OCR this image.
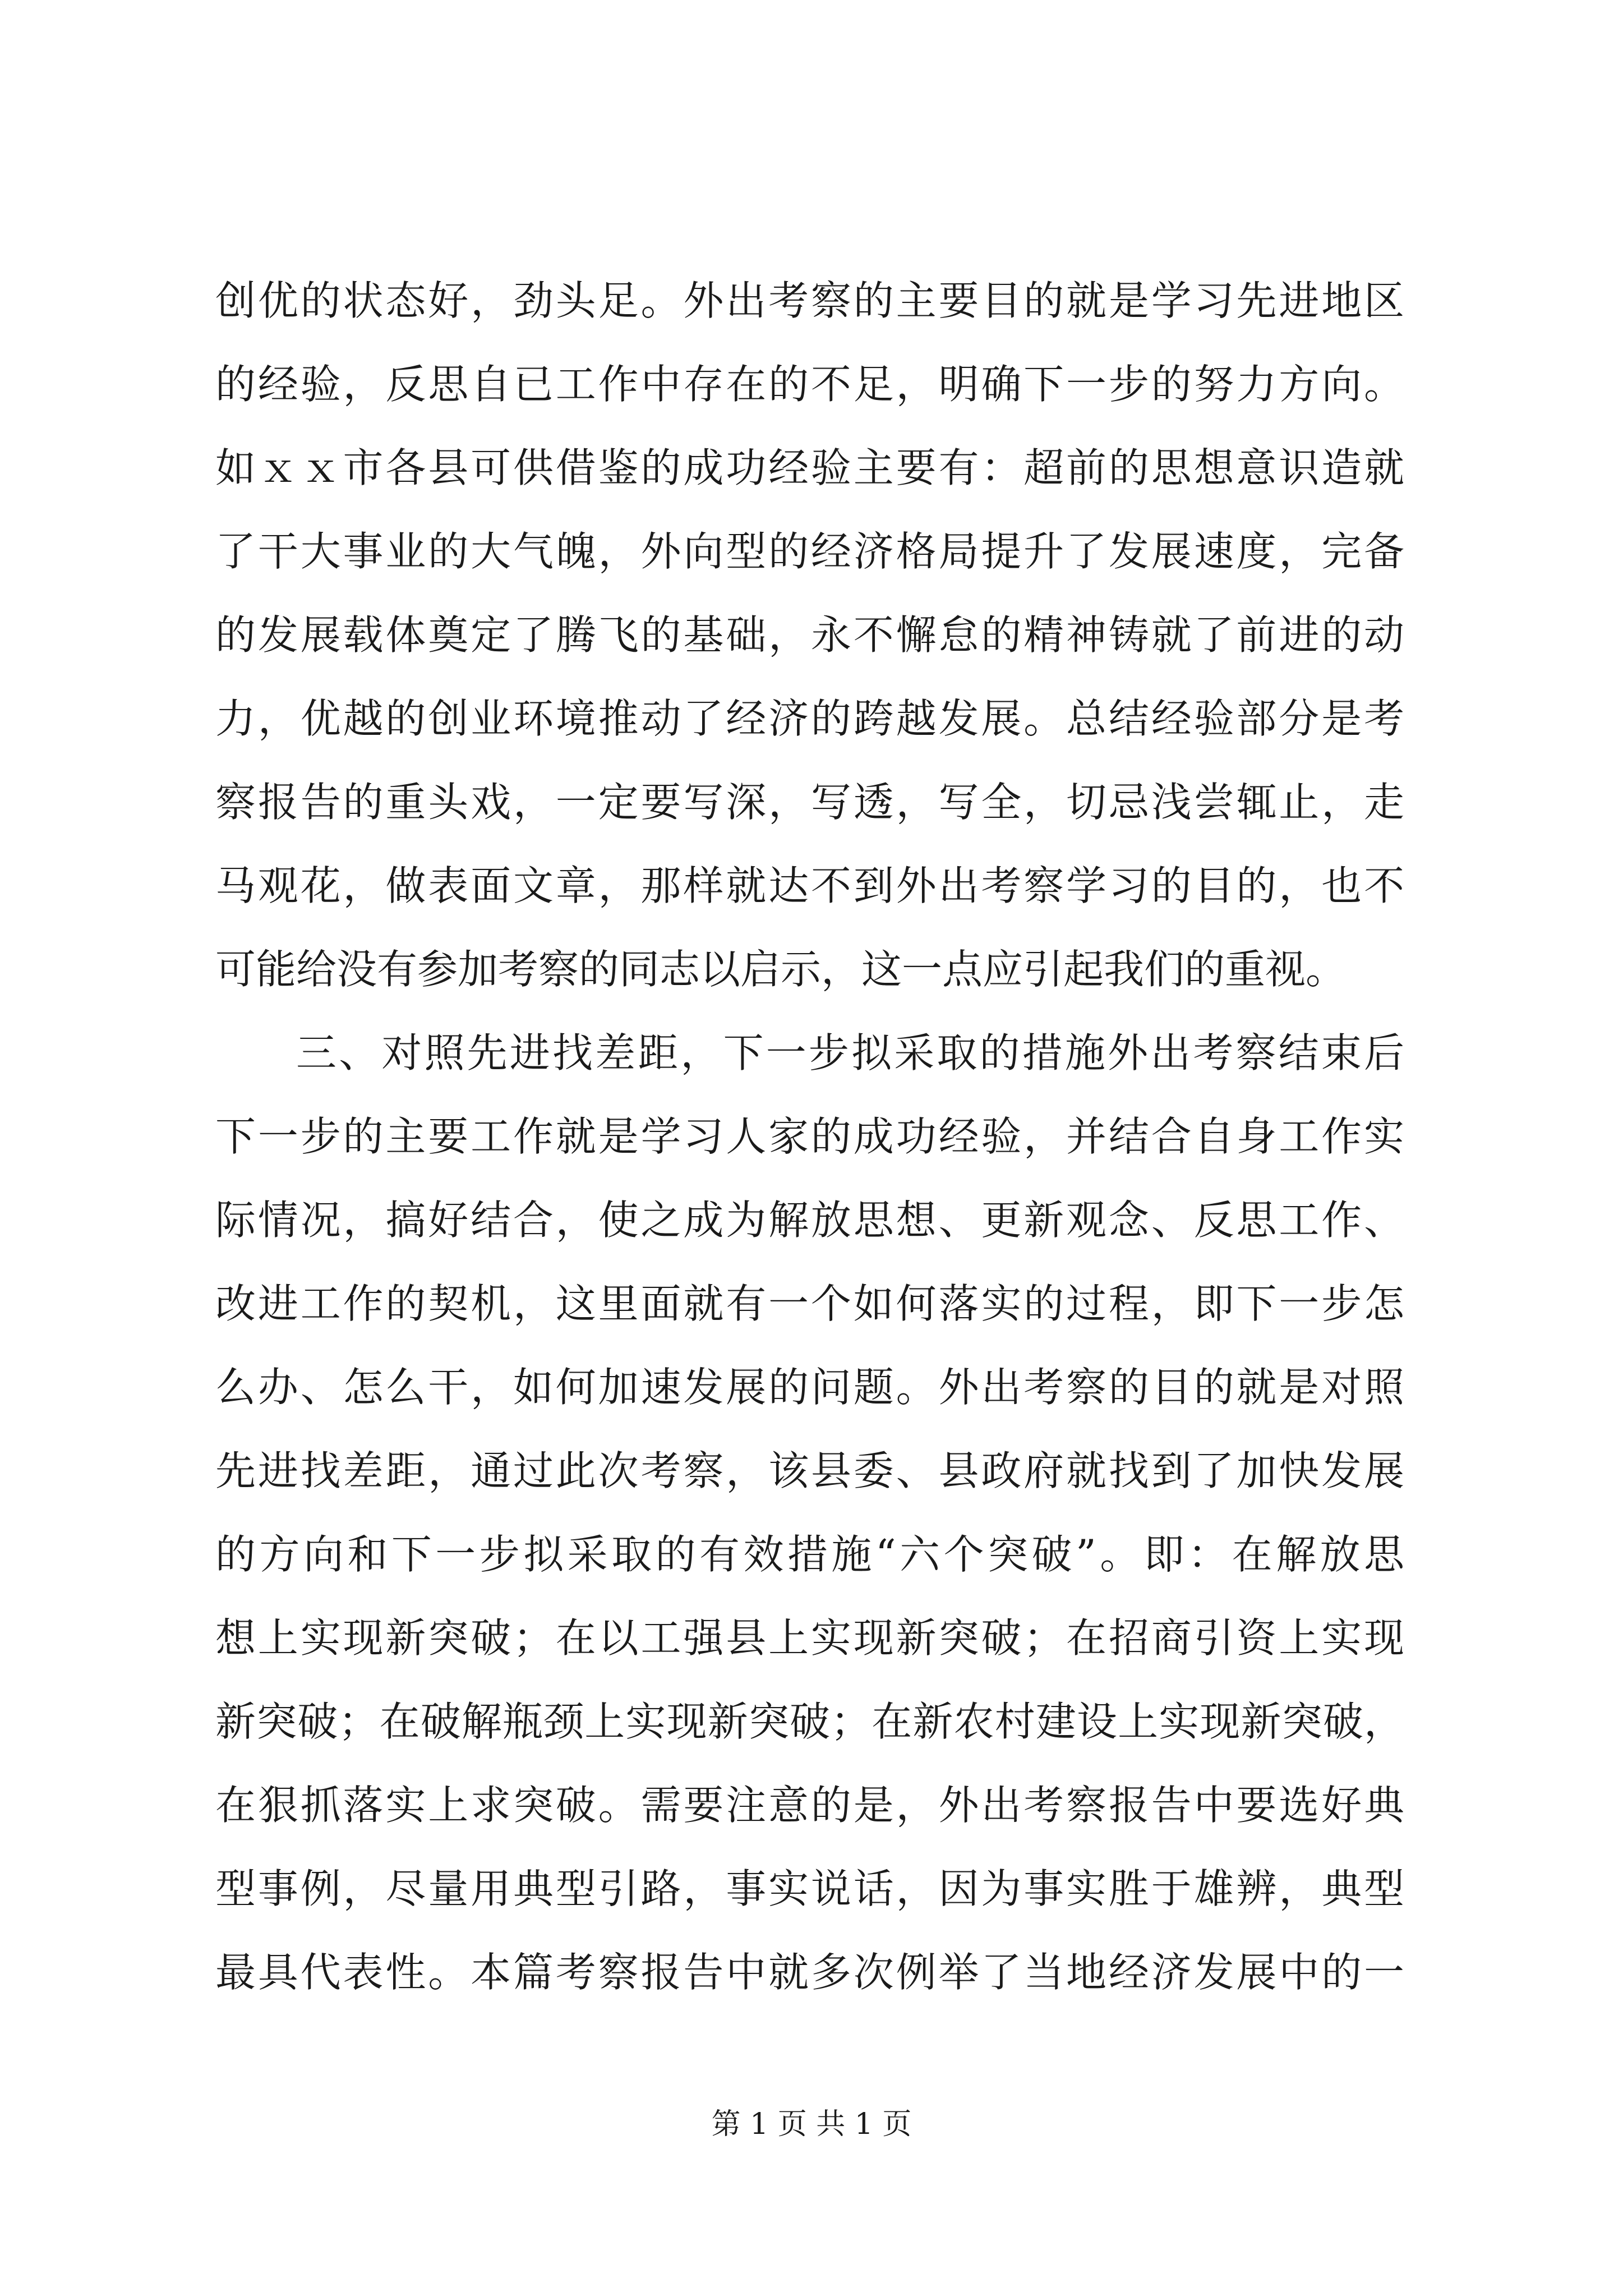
创优的状态好，劲头足。外出考察的主要目的就是学习先进地区
的经验，反思自已工作中存在的不足，明确下一步的努力方向。
如ｘｘ市各县可供借鉴的成功经验主要有：超前的思想意识造就
了干大事业的大气魄，外向型的经济格局提升了发展速度，完备
的发展载体奠定了腾飞的基础，永不懈怠的精神铸就了前进的动
力，优越的创业环境推动了经济的跨越发展。总结经验部分是考
察报告的重头戏，一定要写深，写透，写全，切忌浅尝辄止，走
马观花，做表面文章，那样就达不到外出考察学习的目的，也不
可能给没有参加考察的同志以启示，这一点应引起我们的重视。
三、对照先进找差距，下一步拟采取的措施外出考察结束后
下一步的主要工作就是学习人家的成功经验，并结合自身工作实
际情况，搞好结合，使之成为解放思想、更新观念、反思工作、
改进工作的契机，这里面就有一个如何落实的过程，即下一步怎
么办、怎么干，如何加速发展的问题。外出考察的目的就是对照
先进找差距，通过此次考察，该县委、县政府就找到了加快发展
的方向和下一步拟采取的有效措施“六个突破”。即：在解放思
想上实现新突破；在以工强县上实现新突破；在招商引资上实现
新突破；在破解瓶颈上实现新突破；在新农村建设上实现新突破，
在狠抓落实上求突破。需要注意的是，外出考察报告中要选好典
型事例，尽量用典型引路，事实说话，因为事实胜于雄辨，典型
最具代表性。本篇考察报告中就多次例举了当地经济发展中的一
第 1 页 共 1 页
